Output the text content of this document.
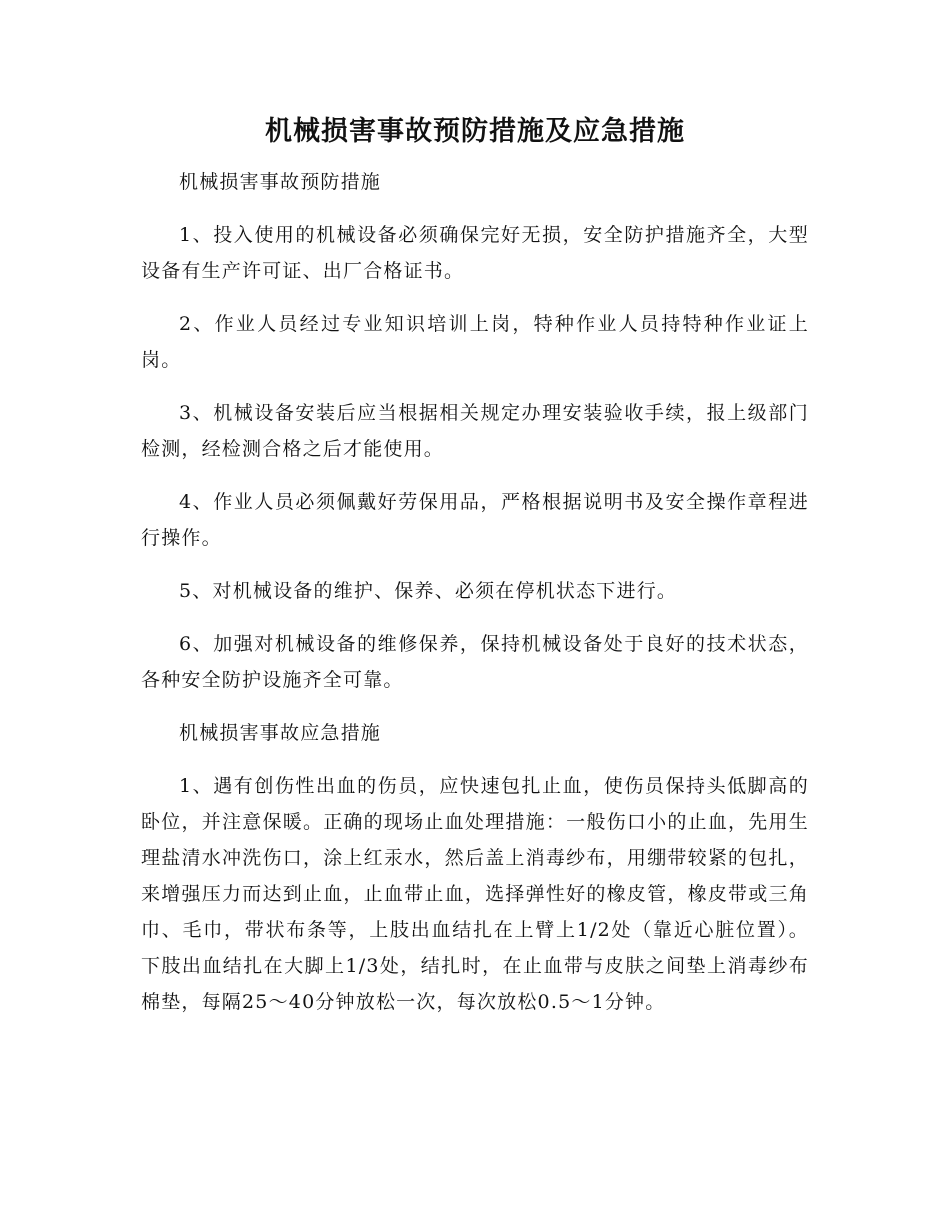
机械损害事故预防措施及应急措施

机械损害事故预防措施

1、投入使用的机械设备必须确保完好无损，安全防护措施齐全，大型设备有生产许可证、出厂合格证书。

2、作业人员经过专业知识培训上岗，特种作业人员持特种作业证上岗。

3、机械设备安装后应当根据相关规定办理安装验收手续，报上级部门检测，经检测合格之后才能使用。

4、作业人员必须佩戴好劳保用品，严格根据说明书及安全操作章程进行操作。

5、对机械设备的维护、保养、必须在停机状态下进行。

6、加强对机械设备的维修保养，保持机械设备处于良好的技术状态，各种安全防护设施齐全可靠。

机械损害事故应急措施

1、遇有创伤性出血的伤员，应快速包扎止血，使伤员保持头低脚高的卧位，并注意保暖。正确的现场止血处理措施：一般伤口小的止血，先用生理盐清水冲洗伤口，涂上红汞水，然后盖上消毒纱布，用绷带较紧的包扎，来增强压力而达到止血，止血带止血，选择弹性好的橡皮管，橡皮带或三角巾、毛巾，带状布条等，上肢出血结扎在上臂上1/2处（靠近心脏位置）。下肢出血结扎在大脚上1/3处，结扎时，在止血带与皮肤之间垫上消毒纱布棉垫，每隔25～40分钟放松一次，每次放松0.5～1分钟。
